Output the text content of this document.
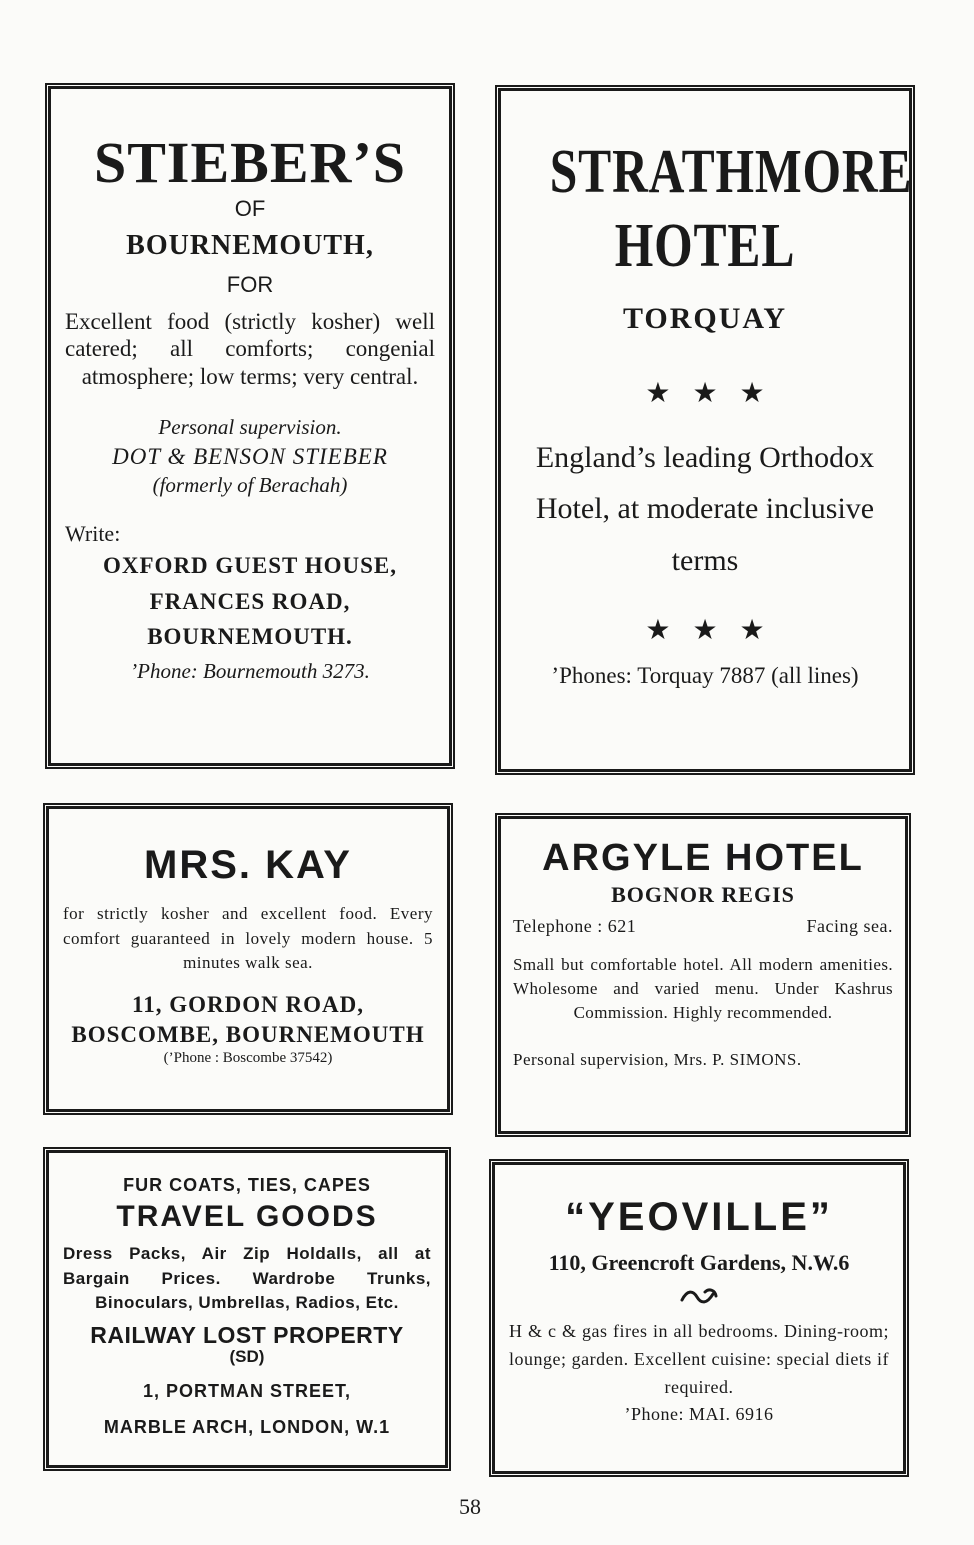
STIEBER’S
OF
BOURNEMOUTH,
FOR
Excellent food (strictly kosher) well catered; all comforts; congenial atmosphere; low terms; very central.
Personal supervision.
DOT & BENSON STIEBER
(formerly of Berachah)
Write:
OXFORD GUEST HOUSE,
FRANCES ROAD,
BOURNEMOUTH.
’Phone: Bournemouth 3273.
STRATHMORE
HOTEL
TORQUAY
★★★
England’s leading Orthodox Hotel, at moderate inclusive terms
★★★
’Phones: Torquay 7887 (all lines)
MRS. KAY
for strictly kosher and excellent food. Every comfort guaranteed in lovely modern house. 5 minutes walk sea.
11, GORDON ROAD,
BOSCOMBE, BOURNEMOUTH
(’Phone : Boscombe 37542)
ARGYLE HOTEL
BOGNOR REGIS
Telephone : 621	Facing sea.
Small but comfortable hotel. All modern amenities. Wholesome and varied menu. Under Kashrus Commission. Highly recommended.
Personal supervision, Mrs. P. SIMONS.
FUR COATS, TIES, CAPES
TRAVEL GOODS
Dress Packs, Air Zip Holdalls, all at Bargain Prices. Wardrobe Trunks, Binoculars, Umbrellas, Radios, Etc.
RAILWAY LOST PROPERTY
(SD)
1, PORTMAN STREET,
MARBLE ARCH, LONDON, W.1
“YEOVILLE”
110, Greencroft Gardens, N.W.6
H & c & gas fires in all bedrooms. Dining-room; lounge; garden. Excellent cuisine: special diets if required.
’Phone: MAI. 6916
58
